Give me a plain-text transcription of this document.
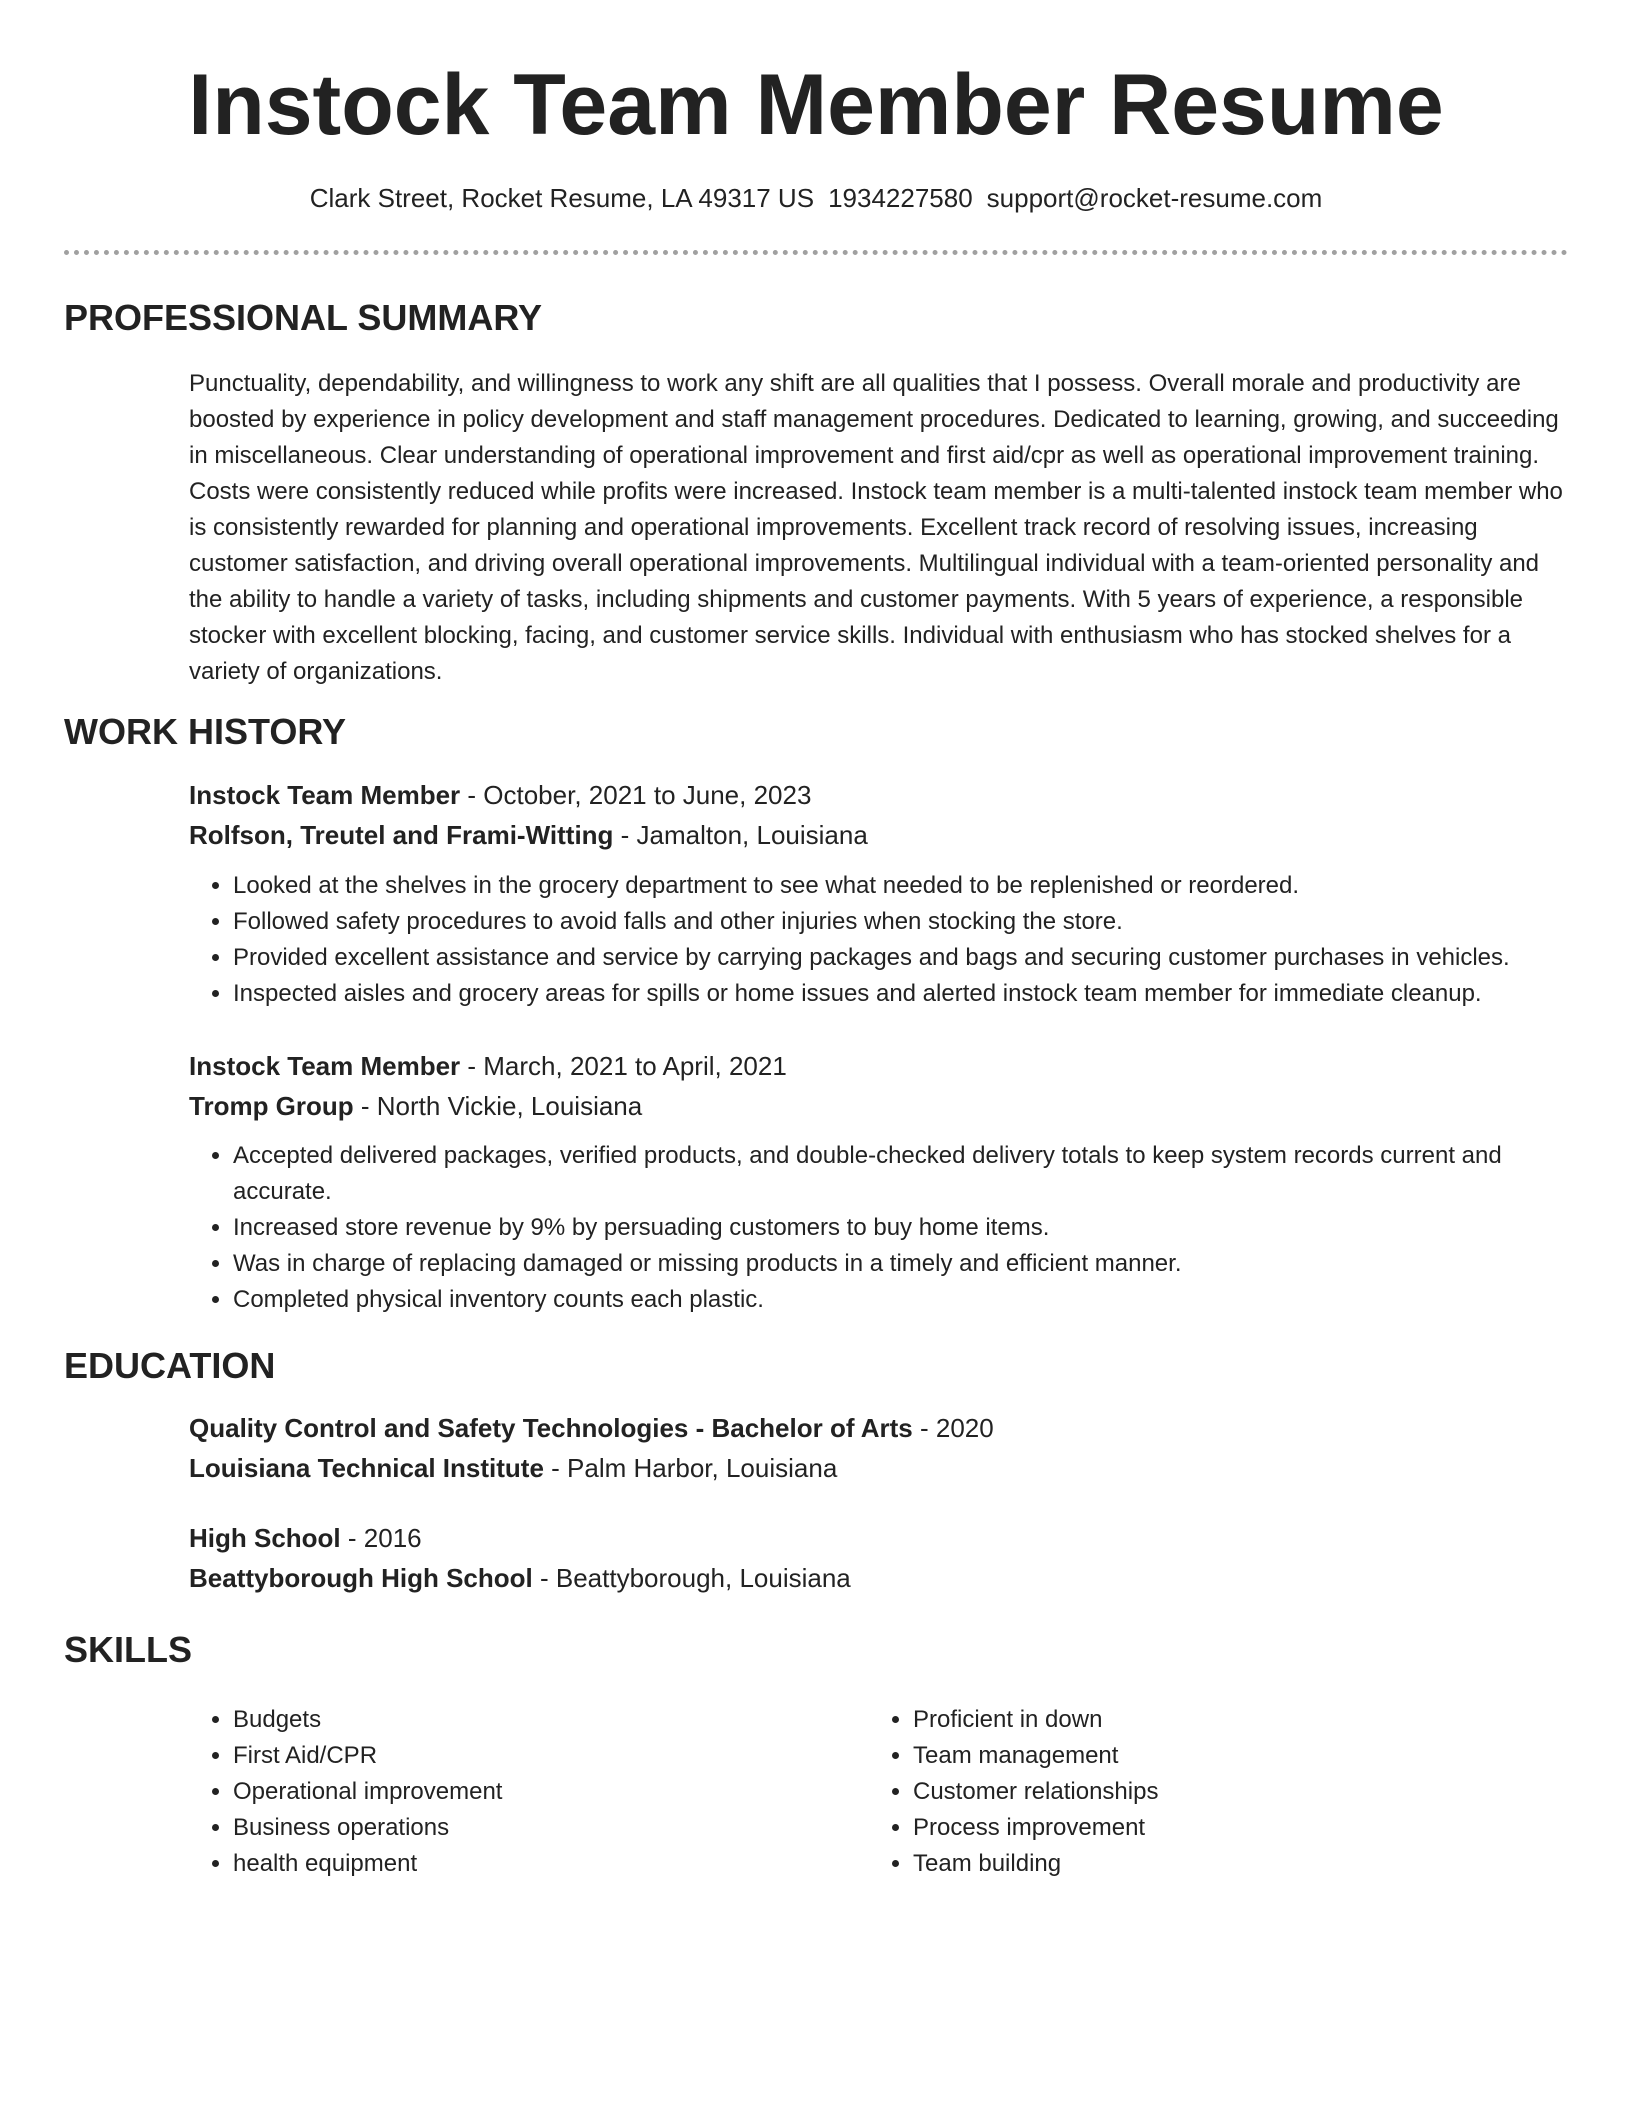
Instock Team Member Resume
Clark Street, Rocket Resume, LA 49317 US 1934227580 support@rocket-resume.com
PROFESSIONAL SUMMARY

Punctuality, dependability, and willingness to work any shift are all qualities that I possess. Overall morale and productivity are boosted by experience in policy development and staff management procedures. Dedicated to learning, growing, and succeeding in miscellaneous. Clear understanding of operational improvement and first aid/cpr as well as operational improvement training. Costs were consistently reduced while profits were increased. Instock team member is a multi-talented instock team member who is consistently rewarded for planning and operational improvements. Excellent track record of resolving issues, increasing customer satisfaction, and driving overall operational improvements. Multilingual individual with a team-oriented personality and the ability to handle a variety of tasks, including shipments and customer payments. With 5 years of experience, a responsible stocker with excellent blocking, facing, and customer service skills. Individual with enthusiasm who has stocked shelves for a variety of organizations.

WORK HISTORY
Instock Team Member - October, 2021 to June, 2023
Rolfson, Treutel and Frami-Witting - Jamalton, Louisiana
• Looked at the shelves in the grocery department to see what needed to be replenished or reordered.
• Followed safety procedures to avoid falls and other injuries when stocking the store.
• Provided excellent assistance and service by carrying packages and bags and securing customer purchases in vehicles.
• Inspected aisles and grocery areas for spills or home issues and alerted instock team member for immediate cleanup.
Instock Team Member - March, 2021 to April, 2021
Tromp Group - North Vickie, Louisiana
• Accepted delivered packages, verified products, and double-checked delivery totals to keep system records current and accurate.
• Increased store revenue by 9% by persuading customers to buy home items.
• Was in charge of replacing damaged or missing products in a timely and efficient manner.
• Completed physical inventory counts each plastic.
EDUCATION
Quality Control and Safety Technologies - Bachelor of Arts - 2020
Louisiana Technical Institute - Palm Harbor, Louisiana
High School - 2016
Beattyborough High School - Beattyborough, Louisiana
SKILLS
• Budgets
• First Aid/CPR
• Operational improvement
• Business operations
• health equipment
• Proficient in down
• Team management
• Customer relationships
• Process improvement
• Team building
